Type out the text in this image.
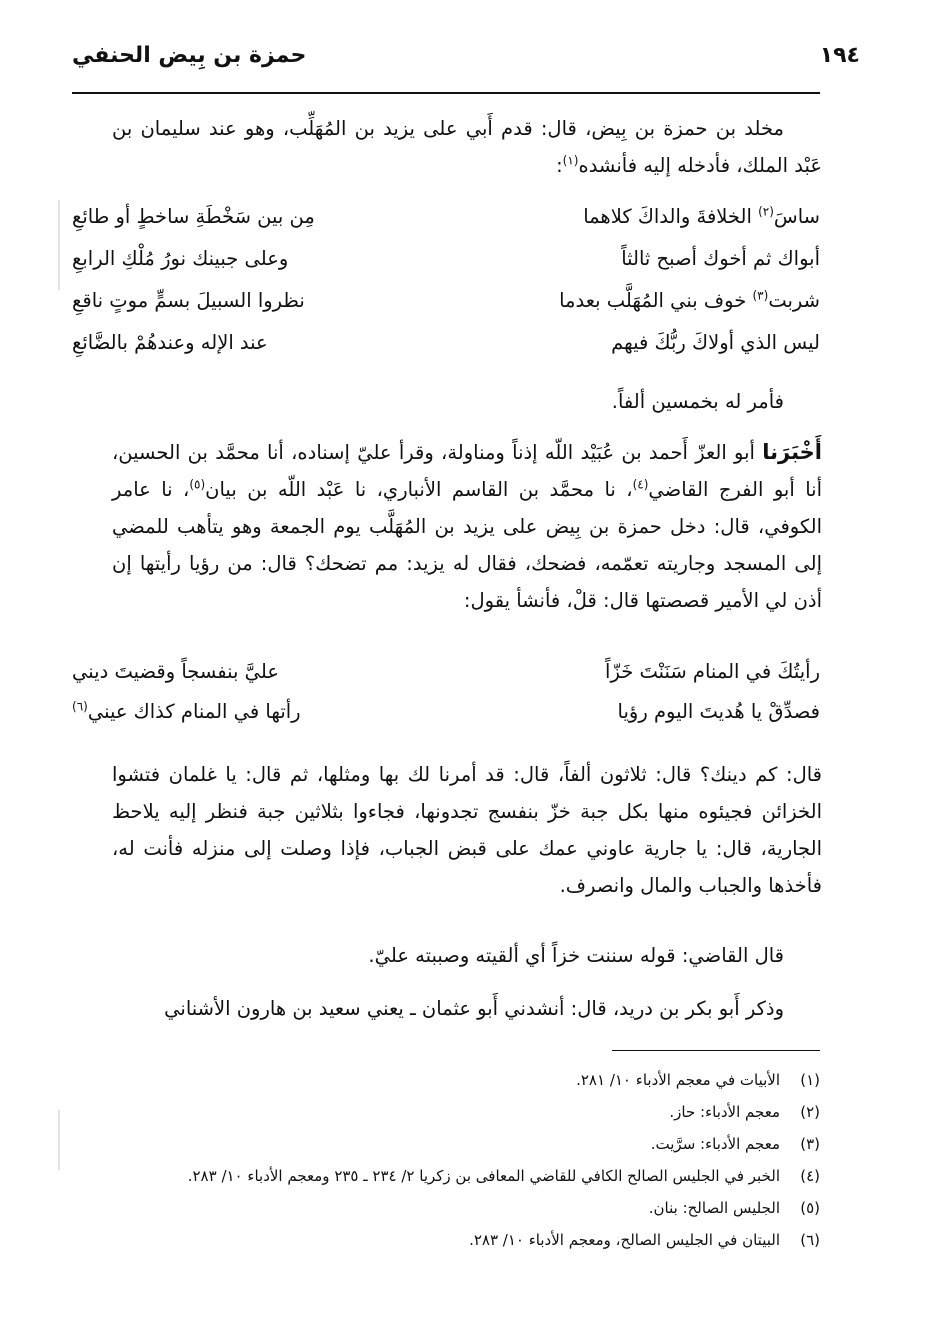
١٩٤
حمزة بن بِيض الحنفي

مخلد بن حمزة بن بِيض، قال: قدم أَبي على يزيد بن المُهَلِّب، وهو عند سليمان بن عَبْد الملك، فأدخله إليه فأنشده$^{(١)}$:

ساسَ$^{(٢)}$ الخلافةَ والداكَ كلاهما
مِن بين سَخْطَةِ ساخطٍ أو طائعِ
أبواك ثم أخوك أصبح ثالثاً
وعلى جبينك نورُ مُلْكِ الرابعِ
شربت$^{(٣)}$ خوف بني المُهَلَّب بعدما
نظروا السبيلَ بسمٍّ موتٍ ناقعِ
ليس الذي أولاكَ ربُّكَ فيهم
عند الإله وعندهُمْ بالضَّائعِ

فأمر له بخمسين ألفاً.

أَخْبَرَنا أبو العزّ أَحمد بن عُبَيْد اللّه إذناً ومناولة، وقرأ عليّ إسناده، أنا محمَّد بن الحسين، أنا أبو الفرج القاضي$^{(٤)}$، نا محمَّد بن القاسم الأنباري، نا عَبْد اللّه بن بيان$^{(٥)}$، نا عامر الكوفي، قال: دخل حمزة بن بِيض على يزيد بن المُهَلَّب يوم الجمعة وهو يتأهب للمضي إلى المسجد وجاريته تعمّمه، فضحك، فقال له يزيد: مم تضحك؟ قال: من رؤيا رأيتها إن أذن لي الأمير قصصتها قال: قلْ، فأنشأ يقول:

رأيتُكَ في المنام سَنَنْتَ خَزّاً
عليَّ بنفسجاً وقضيتَ ديني
فصدِّقْ يا هُديتَ اليوم رؤيا
رأتها في المنام كذاك عيني$^{(٦)}$

قال: كم دينك؟ قال: ثلاثون ألفاً، قال: قد أمرنا لك بها ومثلها، ثم قال: يا غلمان فتشوا الخزائن فجيئوه منها بكل جبة خزّ بنفسج تجدونها، فجاءوا بثلاثين جبة فنظر إليه يلاحظ الجارية، قال: يا جارية عاوني عمك على قبض الجباب، فإذا وصلت إلى منزله فأنت له، فأخذها والجباب والمال وانصرف.

قال القاضي: قوله سننت خزاً أي ألقيته وصببته عليّ.

وذكر أَبو بكر بن دريد، قال: أنشدني أَبو عثمان ـ يعني سعيد بن هارون الأشناني

(١)
الأبيات في معجم الأدباء ١٠/ ٢٨١.
(٢)
معجم الأدباء: حاز.
(٣)
معجم الأدباء: سرَّيت.
(٤)
الخبر في الجليس الصالح الكافي للقاضي المعافى بن زكريا ٢/ ٢٣٤ ـ ٢٣٥ ومعجم الأدباء ١٠/ ٢٨٣.
(٥)
الجليس الصالح: بنان.
(٦)
البيتان في الجليس الصالح، ومعجم الأدباء ١٠/ ٢٨٣.
